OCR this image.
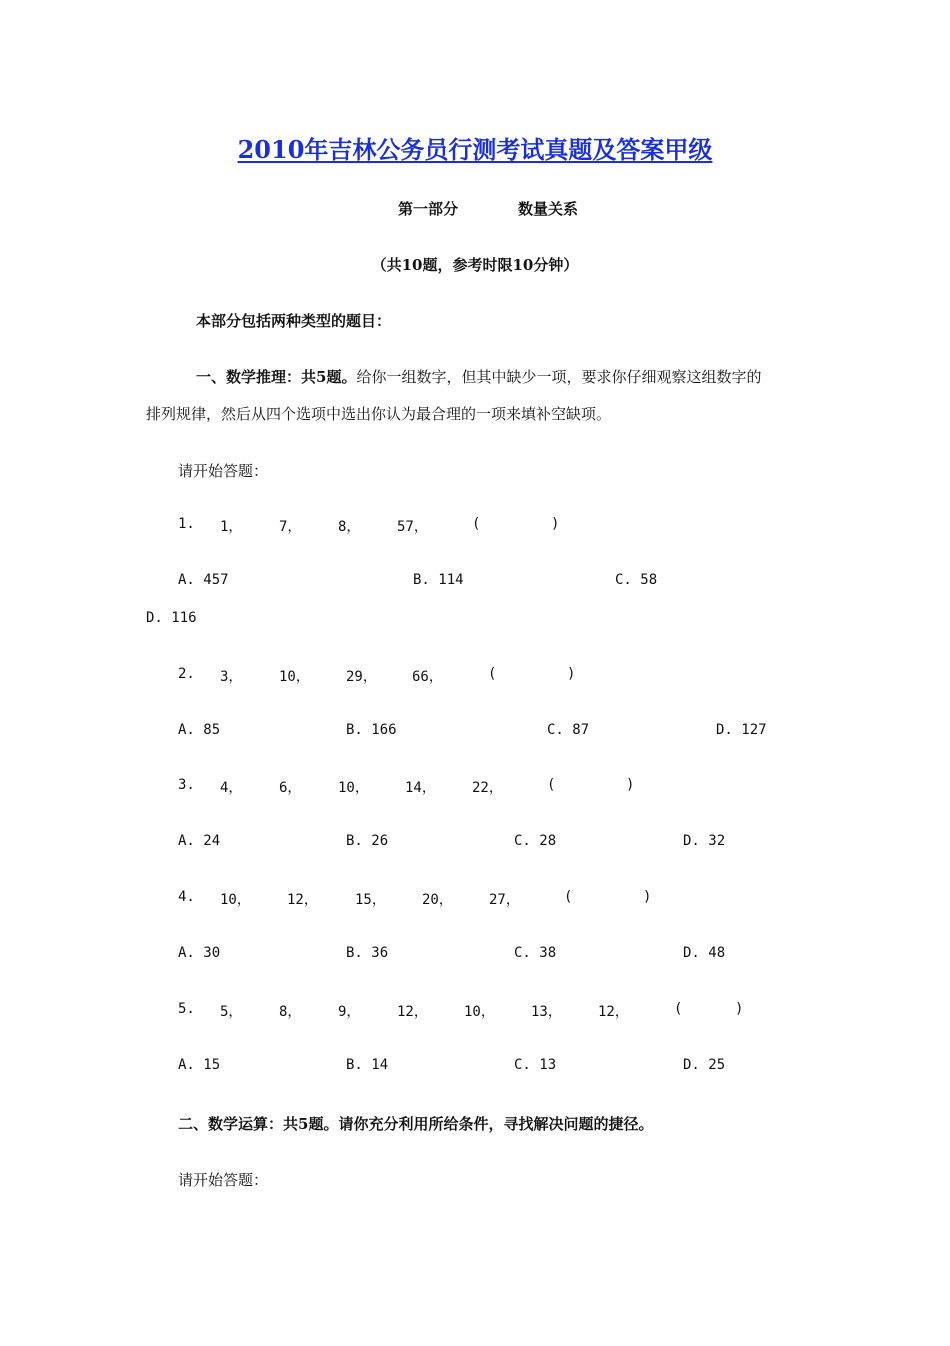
2010年吉林公务员行测考试真题及答案甲级
第一部分	数量关系
（共10题，参考时限10分钟）
本部分包括两种类型的题目：
一、数学推理：共5题。给你一组数字，但其中缺少一项，要求你仔细观察这组数字的
排列规律，然后从四个选项中选出你认为最合理的一项来填补空缺项。
请开始答题：
1. 1，	7，	8，	57，	(	)
A. 457	B. 114	C. 58
D. 116
2. 3，	10，	29，	66，	(	)
A. 85	B. 166	C. 87	D. 127
3. 4，	6，	10，	14，	22，	(	)
A. 24	B. 26	C. 28	D. 32
4. 10，	12，	15，	20，	27，	(	)
A. 30	B. 36	C. 38	D. 48
5. 5，	8，	9，	12，	10，	13，	12，	(	)
A. 15	B. 14	C. 13	D. 25
二、数学运算：共5题。请你充分利用所给条件，寻找解决问题的捷径。
请开始答题：
